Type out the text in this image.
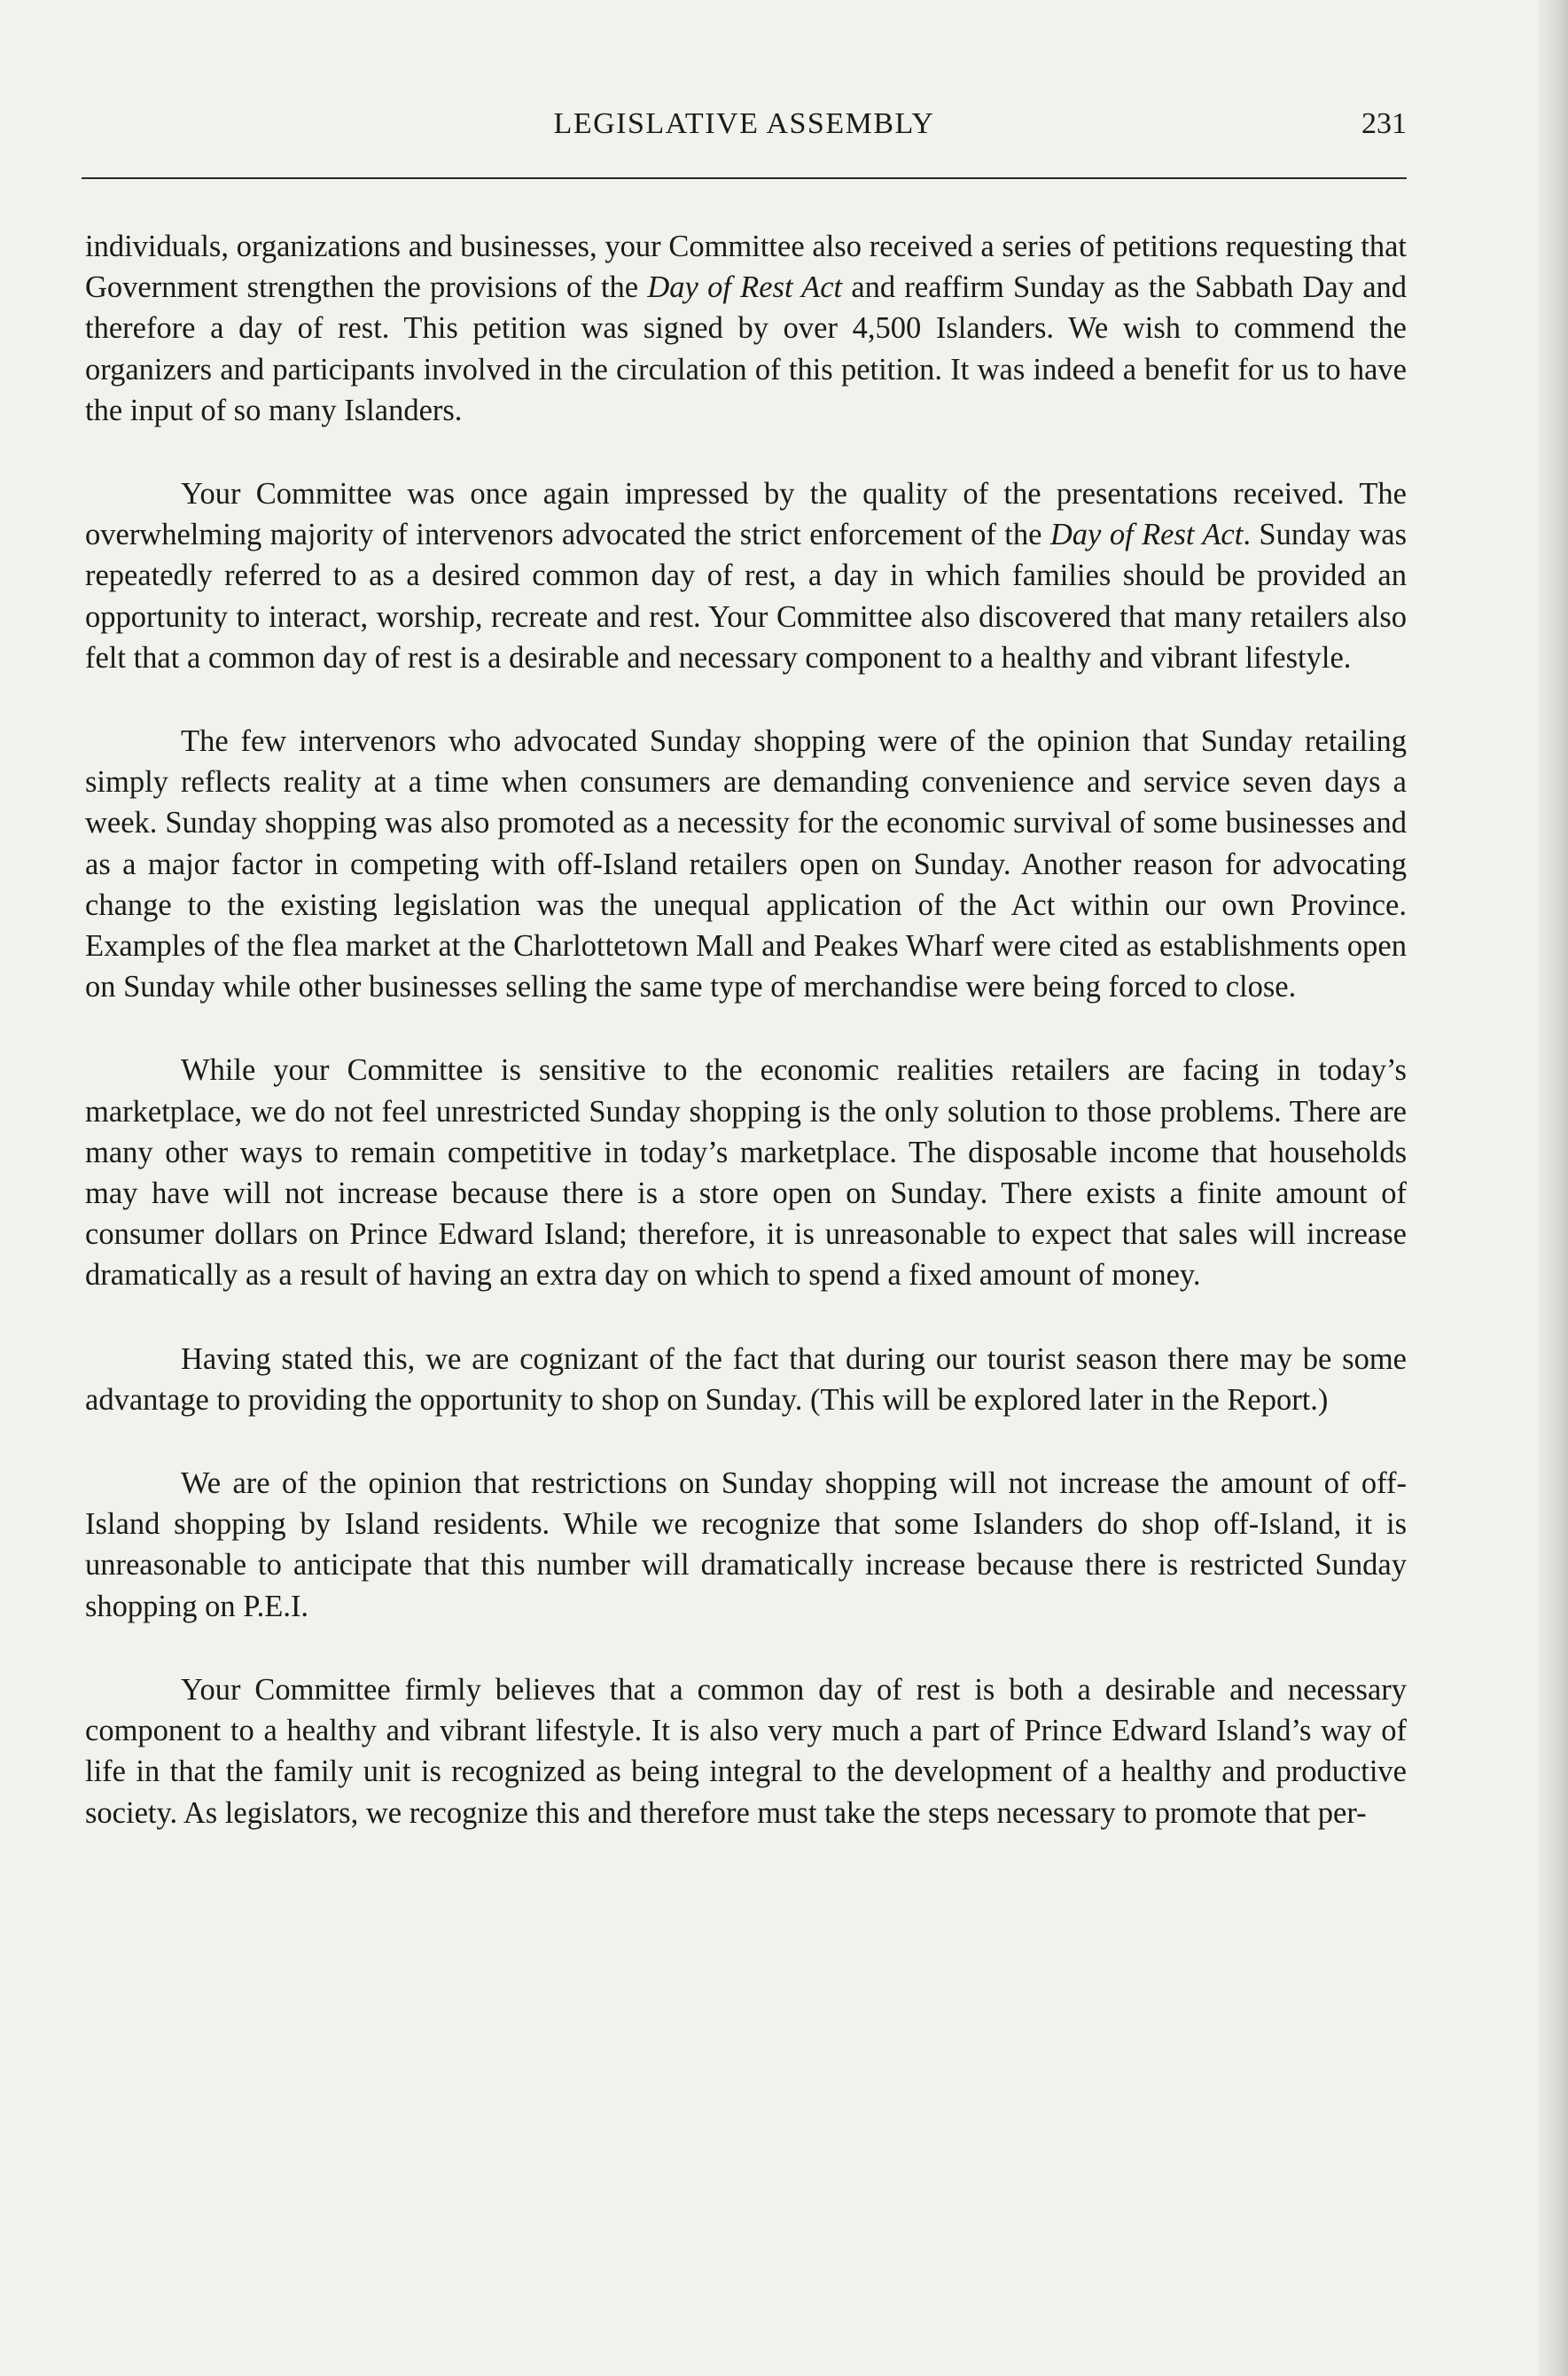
LEGISLATIVE ASSEMBLY	231

individuals, organizations and businesses, your Committee also received a series of petitions requesting that Government strengthen the provisions of the Day of Rest Act and reaffirm Sunday as the Sabbath Day and therefore a day of rest. This petition was signed by over 4,500 Islanders. We wish to commend the organizers and participants involved in the circulation of this petition. It was indeed a benefit for us to have the input of so many Islanders.

Your Committee was once again impressed by the quality of the presentations received. The overwhelming majority of intervenors advocated the strict enforcement of the Day of Rest Act. Sunday was repeatedly referred to as a desired common day of rest, a day in which families should be provided an opportunity to interact, worship, recreate and rest. Your Committee also discovered that many retailers also felt that a common day of rest is a desirable and necessary component to a healthy and vibrant lifestyle.

The few intervenors who advocated Sunday shopping were of the opinion that Sunday retailing simply reflects reality at a time when consumers are demanding convenience and service seven days a week. Sunday shopping was also promoted as a necessity for the economic survival of some businesses and as a major factor in competing with off-Island retailers open on Sunday. Another reason for advocating change to the existing legislation was the unequal application of the Act within our own Province. Examples of the flea market at the Charlottetown Mall and Peakes Wharf were cited as establishments open on Sunday while other businesses selling the same type of merchandise were being forced to close.

While your Committee is sensitive to the economic realities retailers are facing in today’s marketplace, we do not feel unrestricted Sunday shopping is the only solution to those problems. There are many other ways to remain competitive in today’s marketplace. The disposable income that households may have will not increase because there is a store open on Sunday. There exists a finite amount of consumer dollars on Prince Edward Island; therefore, it is unreasonable to expect that sales will increase dramatically as a result of having an extra day on which to spend a fixed amount of money.

Having stated this, we are cognizant of the fact that during our tourist season there may be some advantage to providing the opportunity to shop on Sunday. (This will be explored later in the Report.)

We are of the opinion that restrictions on Sunday shopping will not increase the amount of off-Island shopping by Island residents. While we recognize that some Islanders do shop off-Island, it is unreasonable to anticipate that this number will dramatically increase because there is restricted Sunday shopping on P.E.I.

Your Committee firmly believes that a common day of rest is both a desirable and necessary component to a healthy and vibrant lifestyle. It is also very much a part of Prince Edward Island’s way of life in that the family unit is recognized as being integral to the development of a healthy and productive society. As legislators, we recognize this and therefore must take the steps necessary to promote that per-
